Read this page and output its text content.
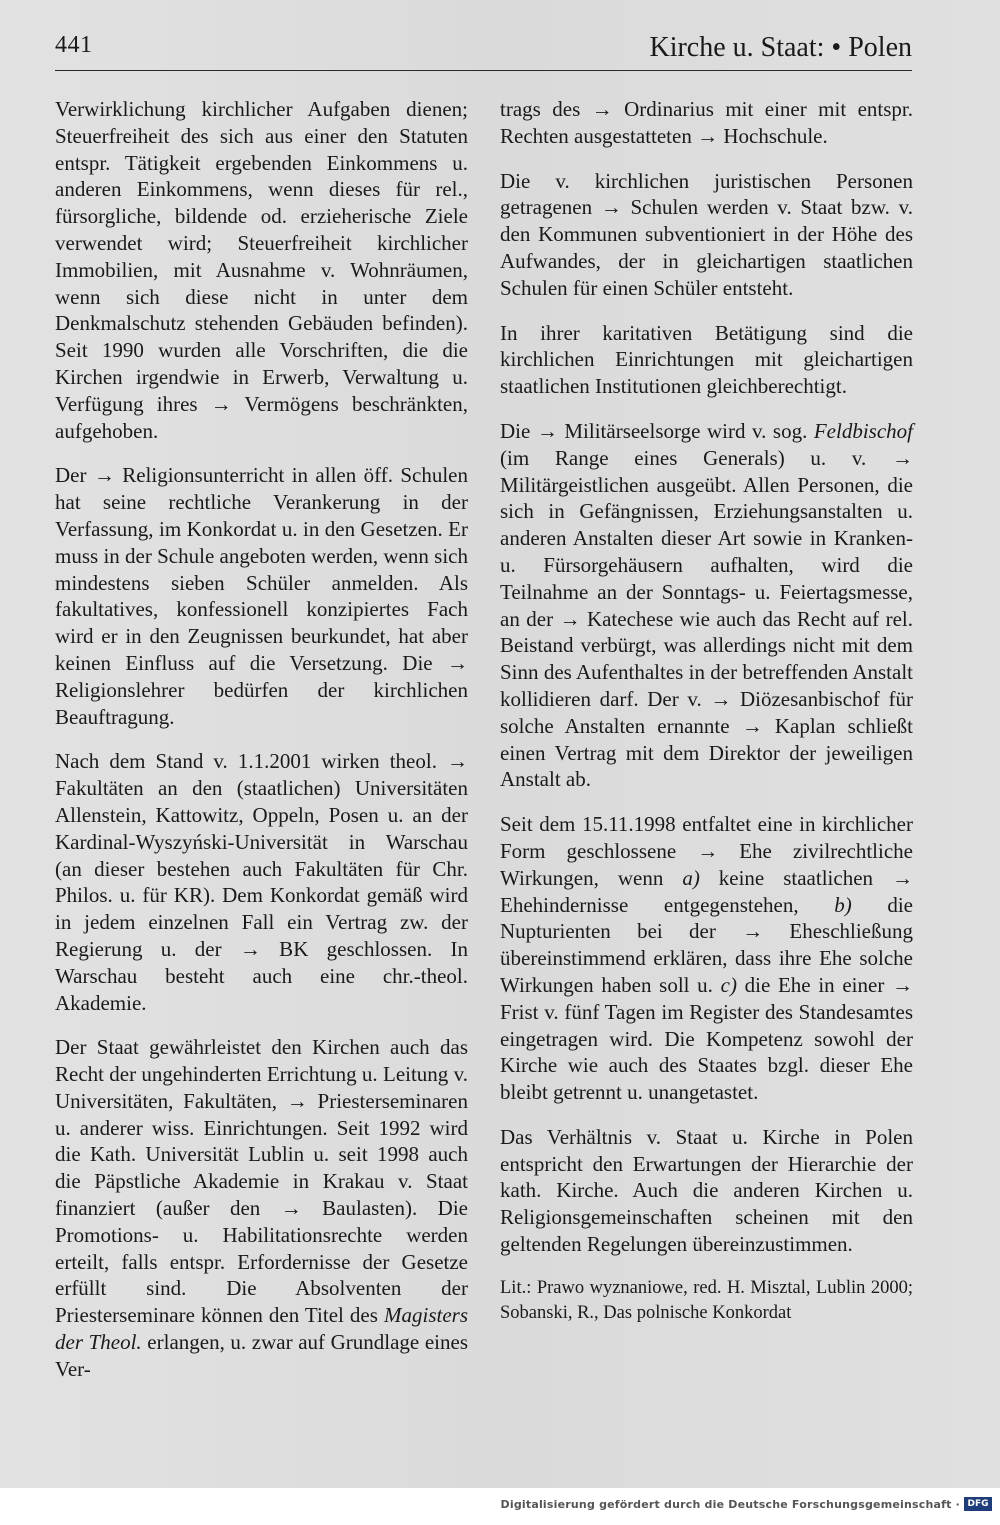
441	Kirche u. Staat: • Polen

Verwirklichung kirchlicher Aufgaben dienen; Steuerfreiheit des sich aus einer den Statuten entspr. Tätigkeit ergebenden Einkommens u. anderen Einkommens, wenn dieses für rel., fürsorgliche, bildende od. erzieherische Ziele verwendet wird; Steuerfreiheit kirchlicher Immobilien, mit Ausnahme v. Wohnräumen, wenn sich diese nicht in unter dem Denkmalschutz stehenden Gebäuden befinden). Seit 1990 wurden alle Vorschriften, die die Kirchen irgendwie in Erwerb, Verwaltung u. Verfügung ihres → Vermögens beschränkten, aufgehoben.

Der → Religionsunterricht in allen öff. Schulen hat seine rechtliche Verankerung in der Verfassung, im Konkordat u. in den Gesetzen. Er muss in der Schule angeboten werden, wenn sich mindestens sieben Schüler anmelden. Als fakultatives, konfessionell konzipiertes Fach wird er in den Zeugnissen beurkundet, hat aber keinen Einfluss auf die Versetzung. Die → Religionslehrer bedürfen der kirchlichen Beauftragung.

Nach dem Stand v. 1.1.2001 wirken theol. → Fakultäten an den (staatlichen) Universitäten Allenstein, Kattowitz, Oppeln, Posen u. an der Kardinal-Wyszyński-Universität in Warschau (an dieser bestehen auch Fakultäten für Chr. Philos. u. für KR). Dem Konkordat gemäß wird in jedem einzelnen Fall ein Vertrag zw. der Regierung u. der → BK geschlossen. In Warschau besteht auch eine chr.-theol. Akademie.

Der Staat gewährleistet den Kirchen auch das Recht der ungehinderten Errichtung u. Leitung v. Universitäten, Fakultäten, → Priesterseminaren u. anderer wiss. Einrichtungen. Seit 1992 wird die Kath. Universität Lublin u. seit 1998 auch die Päpstliche Akademie in Krakau v. Staat finanziert (außer den → Baulasten). Die Promotions- u. Habilitationsrechte werden erteilt, falls entspr. Erfordernisse der Gesetze erfüllt sind. Die Absolventen der Priesterseminare können den Titel des Magisters der Theol. erlangen, u. zwar auf Grundlage eines Ver-

trags des → Ordinarius mit einer mit entspr. Rechten ausgestatteten → Hochschule.

Die v. kirchlichen juristischen Personen getragenen → Schulen werden v. Staat bzw. v. den Kommunen subventioniert in der Höhe des Aufwandes, der in gleichartigen staatlichen Schulen für einen Schüler entsteht.

In ihrer karitativen Betätigung sind die kirchlichen Einrichtungen mit gleichartigen staatlichen Institutionen gleichberechtigt.

Die → Militärseelsorge wird v. sog. Feldbischof (im Range eines Generals) u. v. → Militärgeistlichen ausgeübt. Allen Personen, die sich in Gefängnissen, Erziehungsanstalten u. anderen Anstalten dieser Art sowie in Kranken- u. Fürsorgehäusern aufhalten, wird die Teilnahme an der Sonntags- u. Feiertagsmesse, an der → Katechese wie auch das Recht auf rel. Beistand verbürgt, was allerdings nicht mit dem Sinn des Aufenthaltes in der betreffenden Anstalt kollidieren darf. Der v. → Diözesanbischof für solche Anstalten ernannte → Kaplan schließt einen Vertrag mit dem Direktor der jeweiligen Anstalt ab.

Seit dem 15.11.1998 entfaltet eine in kirchlicher Form geschlossene → Ehe zivilrechtliche Wirkungen, wenn a) keine staatlichen → Ehehindernisse entgegenstehen, b) die Nupturienten bei der → Eheschließung übereinstimmend erklären, dass ihre Ehe solche Wirkungen haben soll u. c) die Ehe in einer → Frist v. fünf Tagen im Register des Standesamtes eingetragen wird. Die Kompetenz sowohl der Kirche wie auch des Staates bzgl. dieser Ehe bleibt getrennt u. unangetastet.

Das Verhältnis v. Staat u. Kirche in Polen entspricht den Erwartungen der Hierarchie der kath. Kirche. Auch die anderen Kirchen u. Religionsgemeinschaften scheinen mit den geltenden Regelungen übereinzustimmen.

Lit.: Prawo wyznaniowe, red. H. Misztal, Lublin 2000; Sobanski, R., Das polnische Konkordat

Digitalisierung gefördert durch die Deutsche Forschungsgemeinschaft · DFG
